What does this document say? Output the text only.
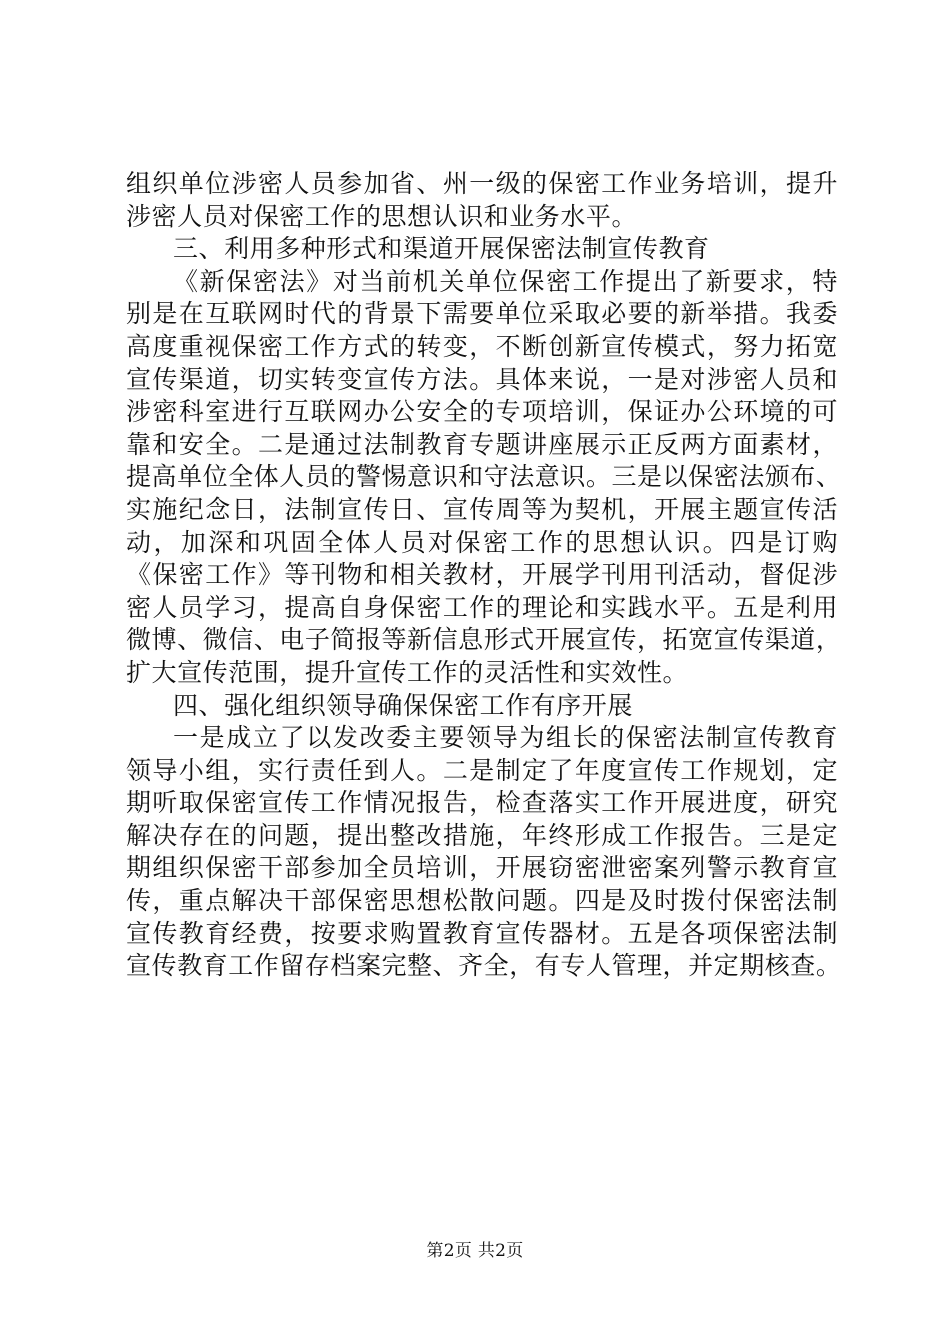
组织单位涉密人员参加省、州一级的保密工作业务培训，提升
涉密人员对保密工作的思想认识和业务水平。
三、利用多种形式和渠道开展保密法制宣传教育
《新保密法》对当前机关单位保密工作提出了新要求，特
别是在互联网时代的背景下需要单位采取必要的新举措。我委
高度重视保密工作方式的转变，不断创新宣传模式，努力拓宽
宣传渠道，切实转变宣传方法。具体来说，一是对涉密人员和
涉密科室进行互联网办公安全的专项培训，保证办公环境的可
靠和安全。二是通过法制教育专题讲座展示正反两方面素材，
提高单位全体人员的警惕意识和守法意识。三是以保密法颁布、
实施纪念日，法制宣传日、宣传周等为契机，开展主题宣传活
动，加深和巩固全体人员对保密工作的思想认识。四是订购
《保密工作》等刊物和相关教材，开展学刊用刊活动，督促涉
密人员学习，提高自身保密工作的理论和实践水平。五是利用
微博、微信、电子简报等新信息形式开展宣传，拓宽宣传渠道，
扩大宣传范围，提升宣传工作的灵活性和实效性。
四、强化组织领导确保保密工作有序开展
一是成立了以发改委主要领导为组长的保密法制宣传教育
领导小组，实行责任到人。二是制定了年度宣传工作规划，定
期听取保密宣传工作情况报告，检查落实工作开展进度，研究
解决存在的问题，提出整改措施，年终形成工作报告。三是定
期组织保密干部参加全员培训，开展窃密泄密案列警示教育宣
传，重点解决干部保密思想松散问题。四是及时拨付保密法制
宣传教育经费，按要求购置教育宣传器材。五是各项保密法制
宣传教育工作留存档案完整、齐全，有专人管理，并定期核查。
第2页 共2页
